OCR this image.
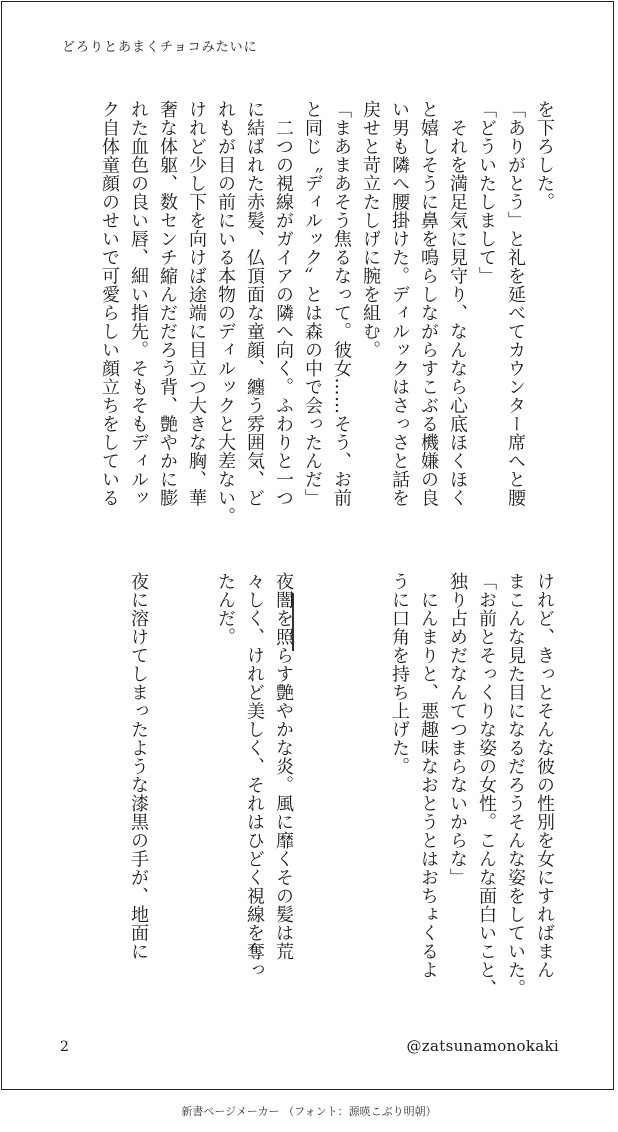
どろりとあまくチョコみたいに
を下ろした。
「ありがとう」と礼を延べてカウンター席へと腰
「どういたしまして」
　それを満足気に見守り、なんなら心底ほくほく
と嬉しそうに鼻を鳴らしながらすこぶる機嫌の良
い男も隣へ腰掛けた。ディルックはさっさと話を
戻せと苛立たしげに腕を組む。
「まあまあそう焦るなって。彼女……そう、お前
と同じ〝ディルック〟とは森の中で会ったんだ」
　二つの視線がガイアの隣へ向く。ふわりと一つ
に結ばれた赤髪、仏頂面な童顔、纏う雰囲気、ど
れもが目の前にいる本物のディルックと大差ない。
けれど少し下を向けば途端に目立つ大きな胸、華
奢な体躯、数センチ縮んだだろう背、艶やかに膨
れた血色の良い唇、細い指先。そもそもディルッ
ク自体童顔のせいで可愛らしい顔立ちをしている
けれど、きっとそんな彼の性別を女にすればまん
まこんな見た目になるだろうそんな姿をしていた。
「お前とそっくりな姿の女性。こんな面白いこと、
独り占めだなんてつまらないからな」
　にんまりと、悪趣味なおとうとはおちょくるよ
うに口角を持ち上げた。

夜闇を照らす艶やかな炎。風に靡くその髪は荒
々しく、けれど美しく、それはひどく視線を奪っ
たんだ。

夜に溶けてしまったような漆黒の手が、地面に
2	@zatsunamonokaki
新書ページメーカー （フォント：源暎こぶり明朝）
